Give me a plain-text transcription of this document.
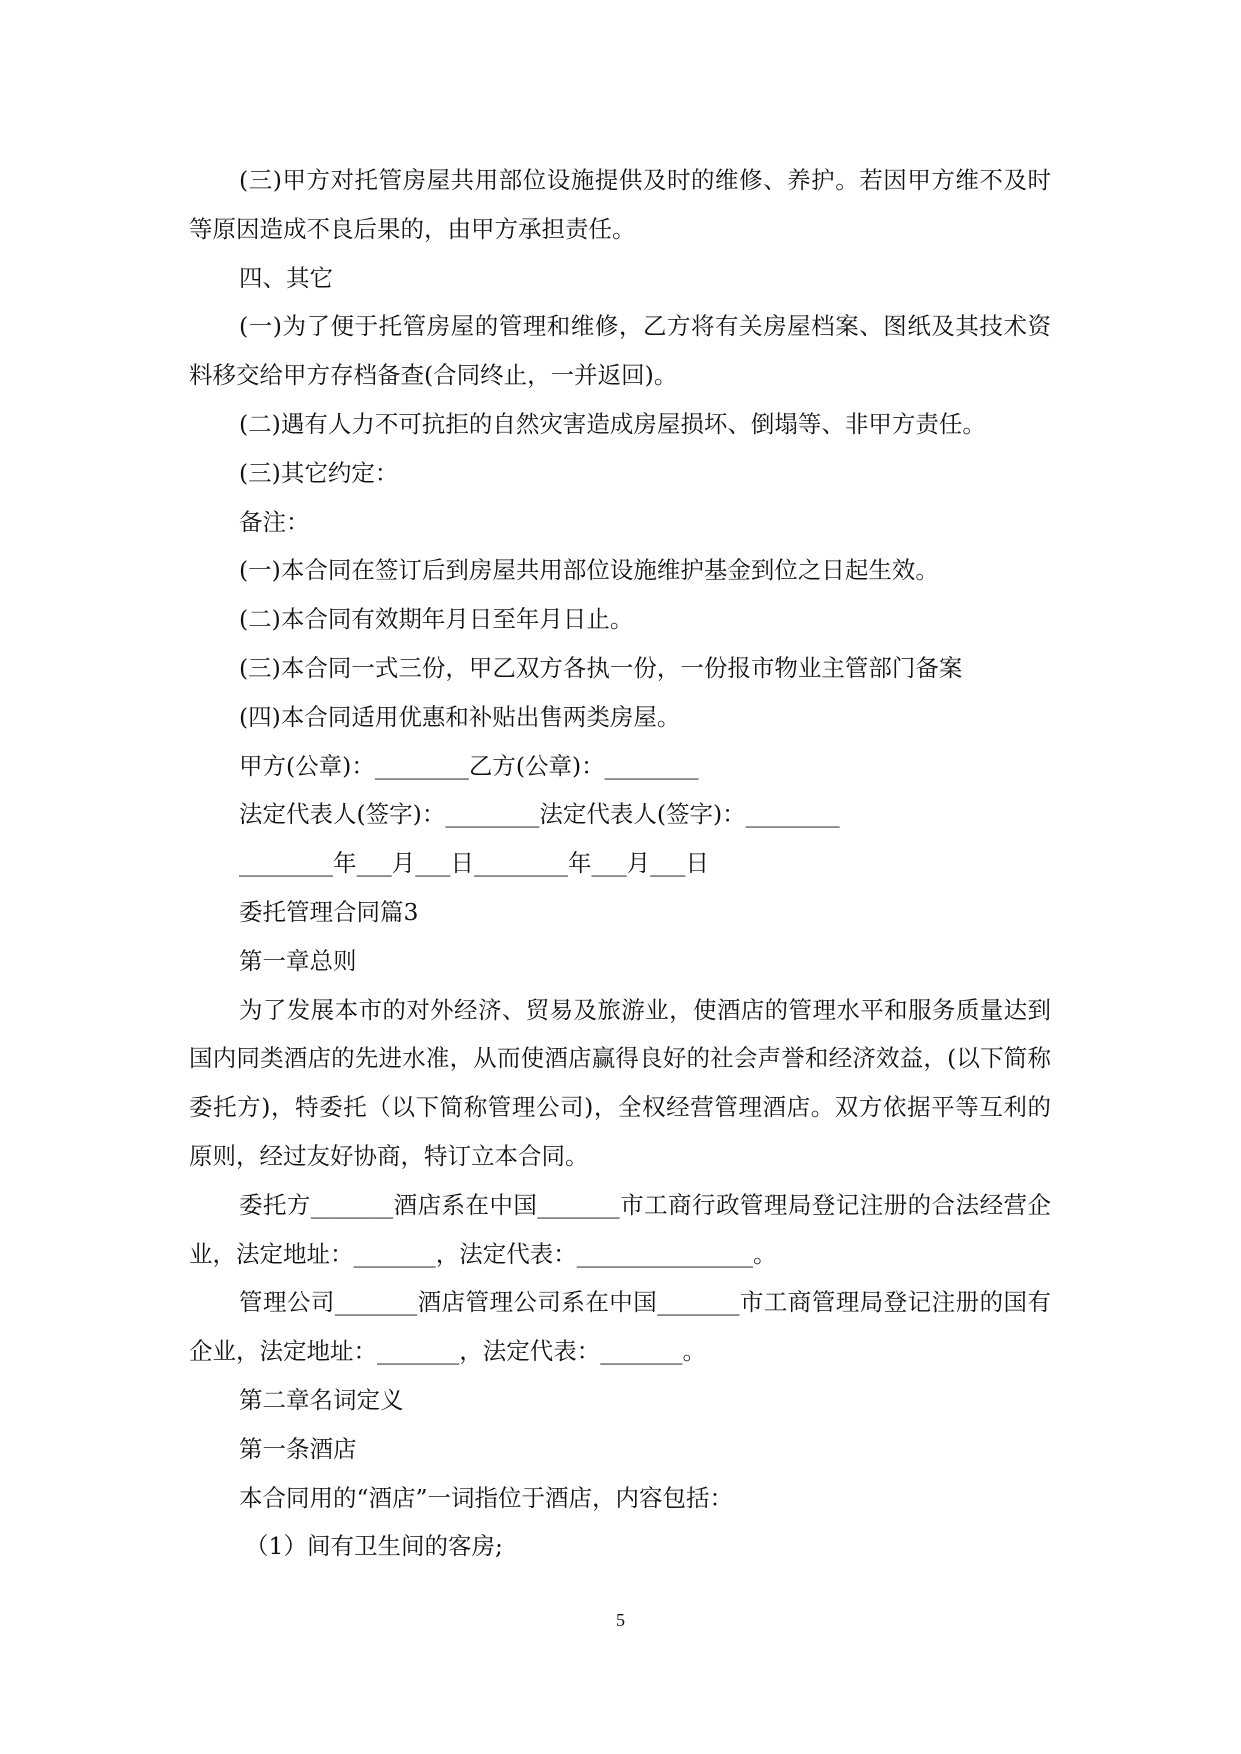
(三)甲方对托管房屋共用部位设施提供及时的维修、养护。若因甲方维不及时等原因造成不良后果的，由甲方承担责任。

四、其它

(一)为了便于托管房屋的管理和维修，乙方将有关房屋档案、图纸及其技术资料移交给甲方存档备查(合同终止，一并返回)。

(二)遇有人力不可抗拒的自然灾害造成房屋损坏、倒塌等、非甲方责任。

(三)其它约定：

备注：

(一)本合同在签订后到房屋共用部位设施维护基金到位之日起生效。

(二)本合同有效期年月日至年月日止。

(三)本合同一式三份，甲乙双方各执一份，一份报市物业主管部门备案

(四)本合同适用优惠和补贴出售两类房屋。

甲方(公章)：________乙方(公章)：________

法定代表人(签字)：________法定代表人(签字)：________

________年___月___日________年___月___日

委托管理合同篇3

第一章总则

为了发展本市的对外经济、贸易及旅游业，使酒店的管理水平和服务质量达到国内同类酒店的先进水准，从而使酒店赢得良好的社会声誉和经济效益，(以下简称委托方)，特委托（以下简称管理公司)，全权经营管理酒店。双方依据平等互利的原则，经过友好协商，特订立本合同。

委托方_______酒店系在中国_______市工商行政管理局登记注册的合法经营企业，法定地址：_______，法定代表：_______________。

管理公司_______酒店管理公司系在中国_______市工商管理局登记注册的国有企业，法定地址：_______，法定代表：_______。

第二章名词定义

第一条酒店

本合同用的“酒店”一词指位于酒店，内容包括：

（1）间有卫生间的客房;

5
